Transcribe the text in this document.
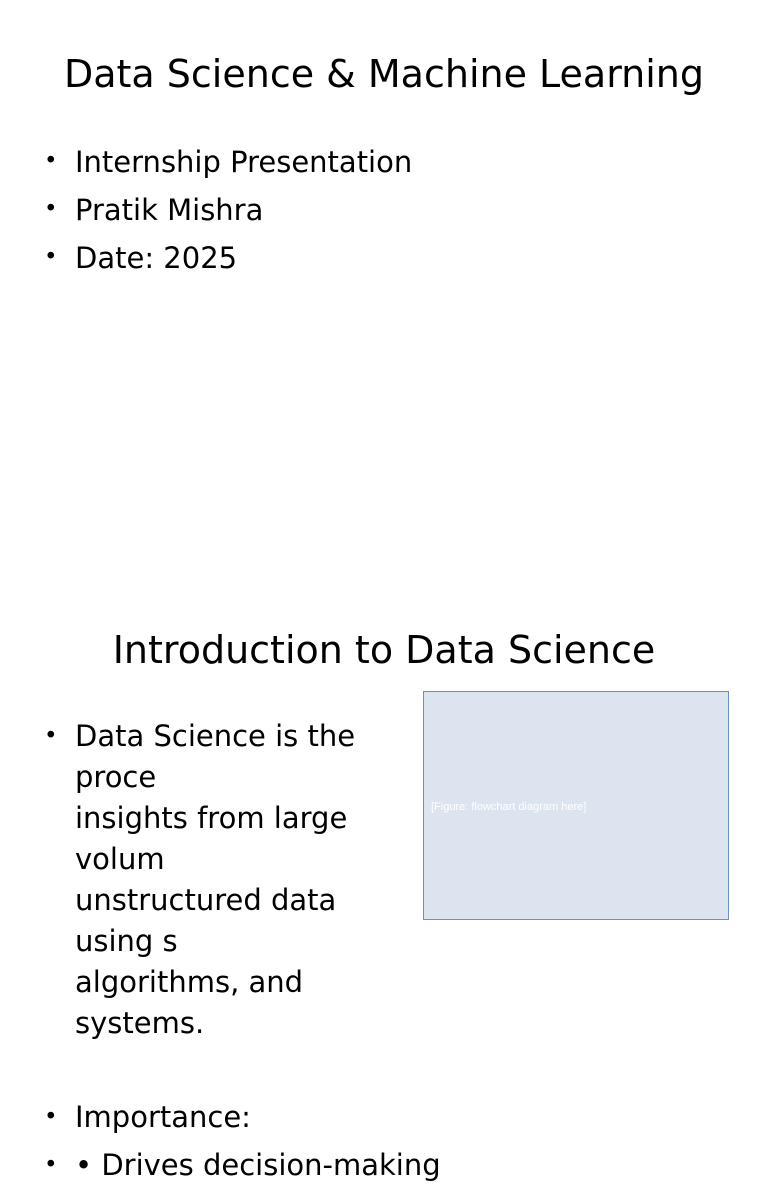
Data Science & Machine Learning
• Internship Presentation
• Pratik Mishra
• Date: 2025
Introduction to Data Science
• Data Science is the proce
insights from large volum
unstructured data using s
algorithms, and systems.
• Importance:
• • Drives decision-making
[Figure: flowchart diagram here]
